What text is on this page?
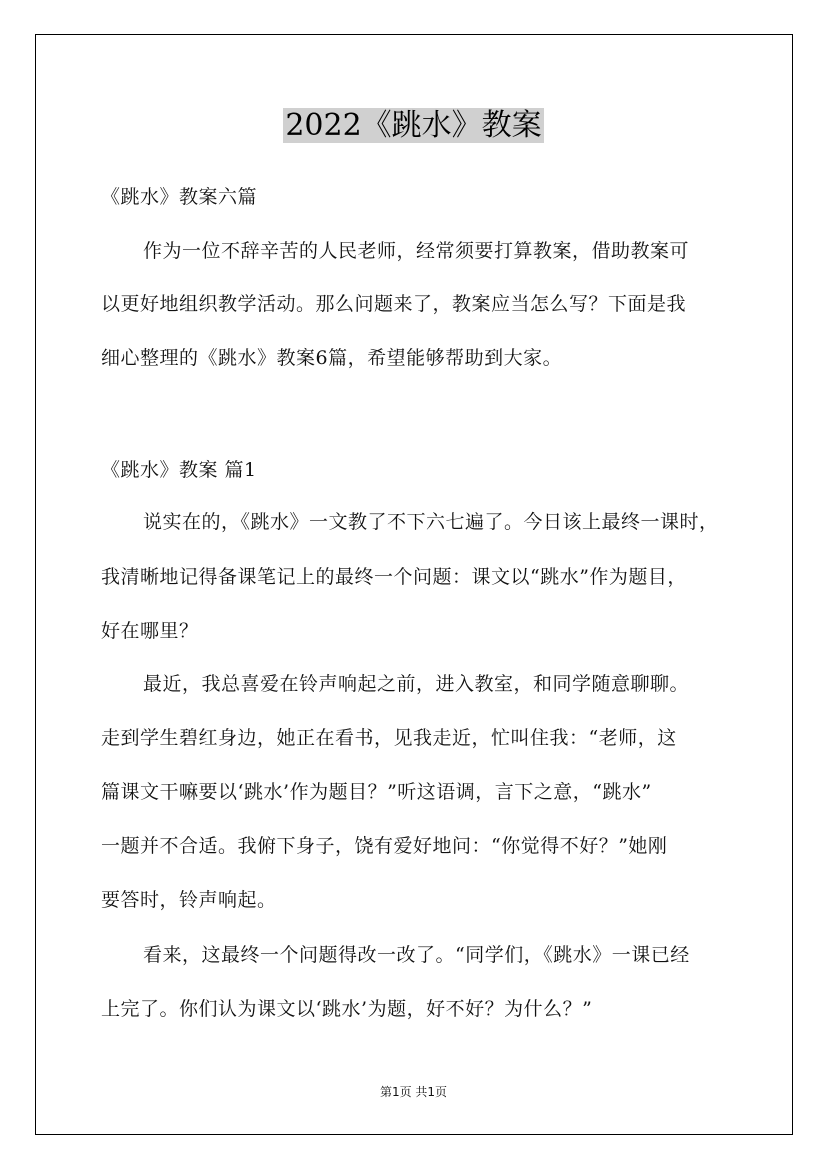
2022《跳水》教案
《跳水》教案六篇
作为一位不辞辛苦的人民老师，经常须要打算教案，借助教案可
以更好地组织教学活动。那么问题来了，教案应当怎么写？下面是我
细心整理的《跳水》教案6篇，希望能够帮助到大家。
《跳水》教案 篇1
说实在的，《跳水》一文教了不下六七遍了。今日该上最终一课时，
我清晰地记得备课笔记上的最终一个问题：课文以“跳水”作为题目，
好在哪里？
最近，我总喜爱在铃声响起之前，进入教室，和同学随意聊聊。
走到学生碧红身边，她正在看书，见我走近，忙叫住我：“老师，这
篇课文干嘛要以‘跳水’作为题目？”听这语调，言下之意，“跳水”
一题并不合适。我俯下身子，饶有爱好地问：“你觉得不好？”她刚
要答时，铃声响起。
看来，这最终一个问题得改一改了。“同学们，《跳水》一课已经
上完了。你们认为课文以‘跳水’为题，好不好？为什么？”
第1页 共1页
